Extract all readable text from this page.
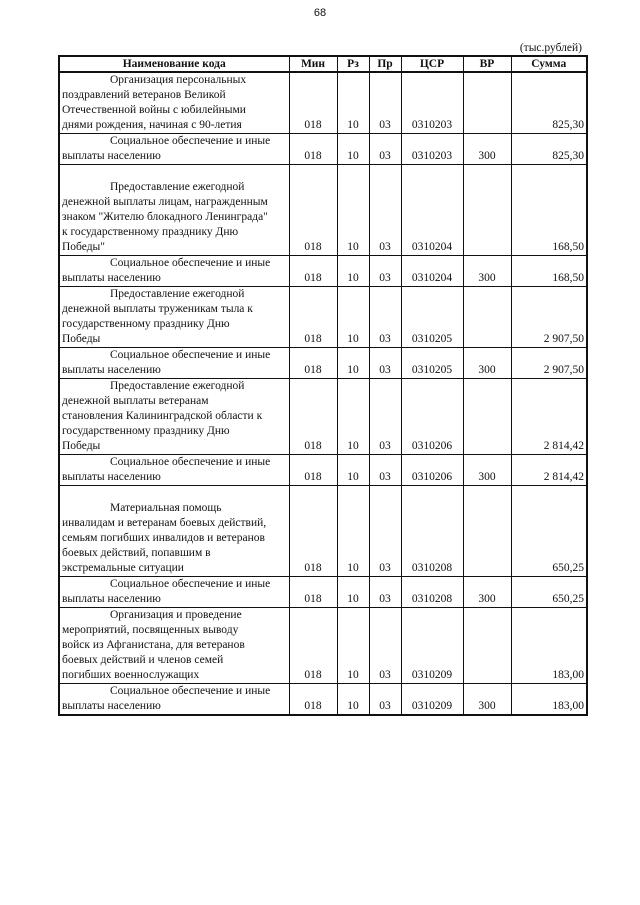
68
(тыс.рублей)
Наименование кода	Мин	Рз	Пр	ЦСР	ВР	Сумма

Организация персональных
поздравлений ветеранов Великой
Отечественной войны с юбилейными
днями рождения, начиная с 90-летия	018	10	03	0310203		825,30

Социальное обеспечение и иные
выплаты населению	018	10	03	0310203	300	825,30

Предоставление ежегодной
денежной выплаты лицам, награжденным
знаком "Жителю блокадного Ленинграда"
к государственному празднику Дню
Победы"	018	10	03	0310204		168,50

Социальное обеспечение и иные
выплаты населению	018	10	03	0310204	300	168,50

Предоставление ежегодной
денежной выплаты труженикам тыла к
государственному празднику Дню
Победы	018	10	03	0310205		2 907,50

Социальное обеспечение и иные
выплаты населению	018	10	03	0310205	300	2 907,50

Предоставление ежегодной
денежной выплаты ветеранам
становления Калининградской области к
государственному празднику Дню
Победы	018	10	03	0310206		2 814,42

Социальное обеспечение и иные
выплаты населению	018	10	03	0310206	300	2 814,42

Материальная помощь
инвалидам и ветеранам боевых действий,
семьям погибших инвалидов и ветеранов
боевых действий, попавшим в
экстремальные ситуации	018	10	03	0310208		650,25

Социальное обеспечение и иные
выплаты населению	018	10	03	0310208	300	650,25

Организация и проведение
мероприятий, посвященных выводу
войск из Афганистана, для ветеранов
боевых действий и членов семей
погибших военнослужащих	018	10	03	0310209		183,00

Социальное обеспечение и иные
выплаты населению	018	10	03	0310209	300	183,00
